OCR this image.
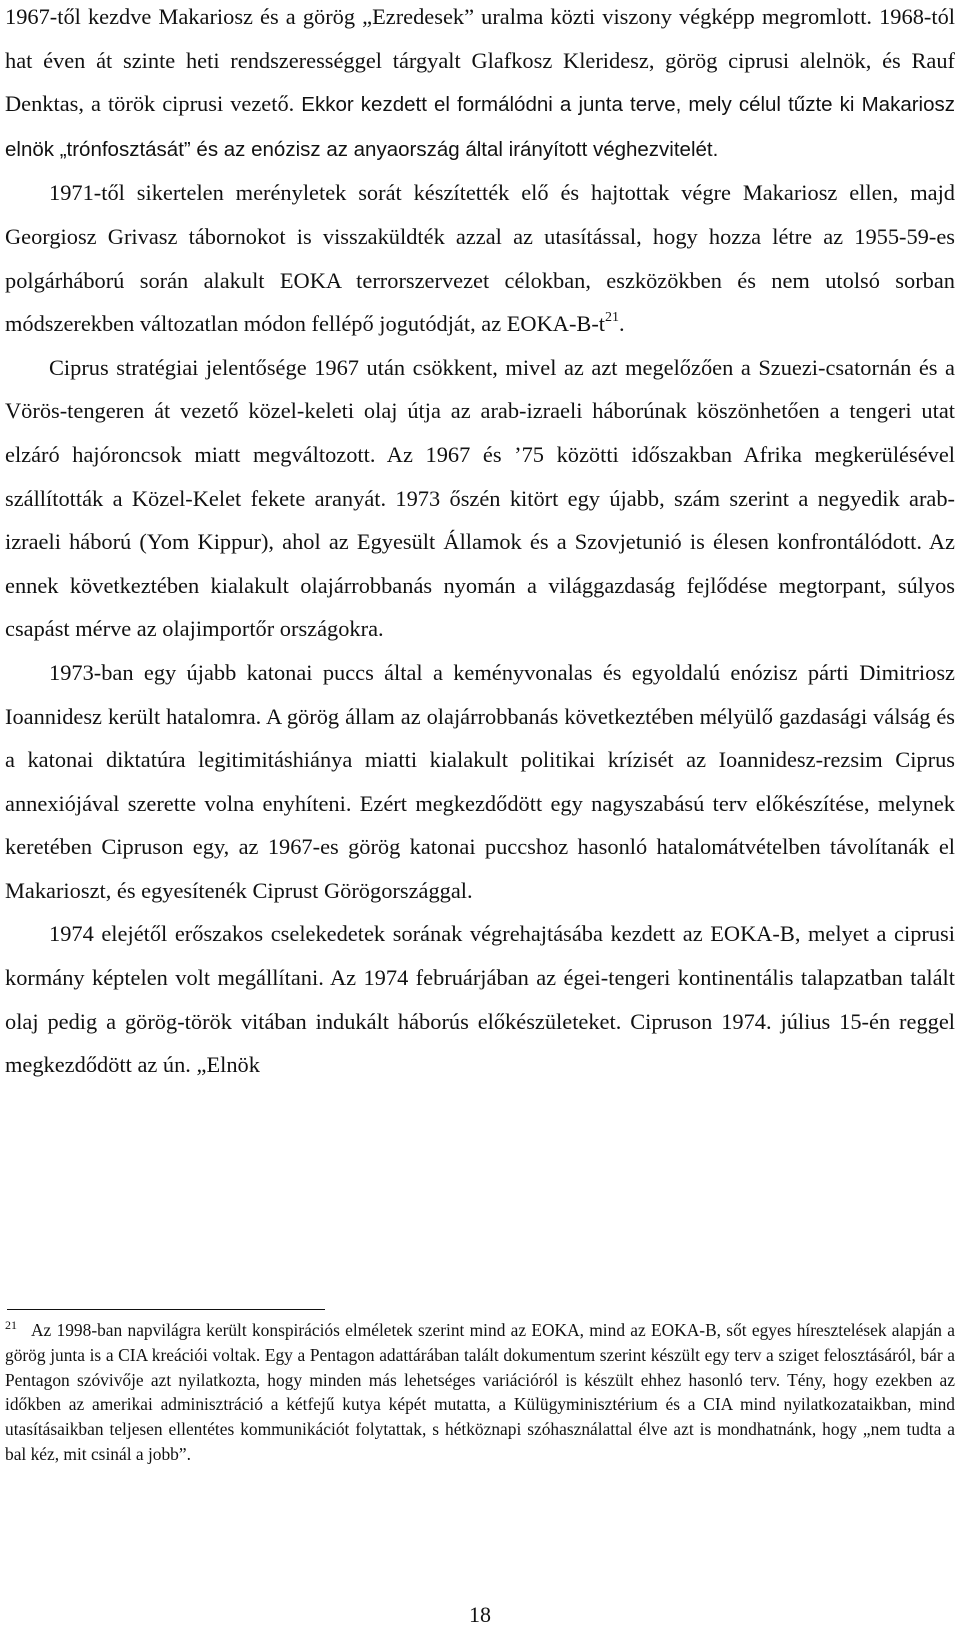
1967-től kezdve Makariosz és a görög „Ezredesek” uralma közti viszony végképp megromlott. 1968-tól hat éven át szinte heti rendszerességgel tárgyalt Glafkosz Kleridesz, görög ciprusi alelnök, és Rauf Denktas, a török ciprusi vezető. Ekkor kezdett el formálódni a junta terve, mely célul tűzte ki Makariosz elnök „trónfosztását” és az enózisz az anyaország által irányított véghezvitelét.

1971-től sikertelen merényletek sorát készítették elő és hajtottak végre Makariosz ellen, majd Georgiosz Grivasz tábornokot is visszaküldték azzal az utasítással, hogy hozza létre az 1955-59-es polgárháború során alakult EOKA terrorszervezet célokban, eszközökben és nem utolsó sorban módszerekben változatlan módon fellépő jogutódját, az EOKA-$B-t^{21}$.

Ciprus stratégiai jelentősége 1967 után csökkent, mivel az azt megelőzően a Szuezi-csatornán és a Vörös-tengeren át vezető közel-keleti olaj útja az arab-izraeli háborúnak köszönhetően a tengeri utat elzáró hajóroncsok miatt megváltozott. Az 1967 és ’75 közötti időszakban Afrika megkerülésével szállították a Közel-Kelet fekete aranyát. 1973 őszén kitört egy újabb, szám szerint a negyedik arab-izraeli háború (Yom Kippur), ahol az Egyesült Államok és a Szovjetunió is élesen konfrontálódott. Az ennek következtében kialakult olajárrobbanás nyomán a világgazdaság fejlődése megtorpant, súlyos csapást mérve az olajimportőr országokra.

1973-ban egy újabb katonai puccs által a keményvonalas és egyoldalú enózisz párti Dimitriosz Ioannidesz került hatalomra. A görög állam az olajárrobbanás következtében mélyülő gazdasági válság és a katonai diktatúra legitimitáshiánya miatti kialakult politikai krízisét az Ioannidesz-rezsim Ciprus annexiójával szerette volna enyhíteni. Ezért megkezdődött egy nagyszabású terv előkészítése, melynek keretében Cipruson egy, az 1967-es görög katonai puccshoz hasonló hatalomátvételben távolítanák el Makarioszt, és egyesítenék Ciprust Görögországgal.

1974 elejétől erőszakos cselekedetek sorának végrehajtásába kezdett az EOKA-B, melyet a ciprusi kormány képtelen volt megállítani. Az 1974 februárjában az égei-tengeri kontinentális talapzatban talált olaj pedig a görög-török vitában indukált háborús előkészületeket. Cipruson 1974. július 15-én reggel megkezdődött az ún. „Elnök

$^{21}$ Az 1998-ban napvilágra került konspirációs elméletek szerint mind az EOKA, mind az EOKA-B, sőt egyes híresztelések alapján a görög junta is a CIA kreációi voltak. Egy a Pentagon adattárában talált dokumentum szerint készült egy terv a sziget felosztásáról, bár a Pentagon szóvivője azt nyilatkozta, hogy minden más lehetséges variációról is készült ehhez hasonló terv. Tény, hogy ezekben az időkben az amerikai adminisztráció a kétfejű kutya képét mutatta, a Külügyminisztérium és a CIA mind nyilatkozataikban, mind utasításaikban teljesen ellentétes kommunikációt folytattak, s hétköznapi szóhasználattal élve azt is mondhatnánk, hogy „nem tudta a bal kéz, mit csinál a jobb”.

18
